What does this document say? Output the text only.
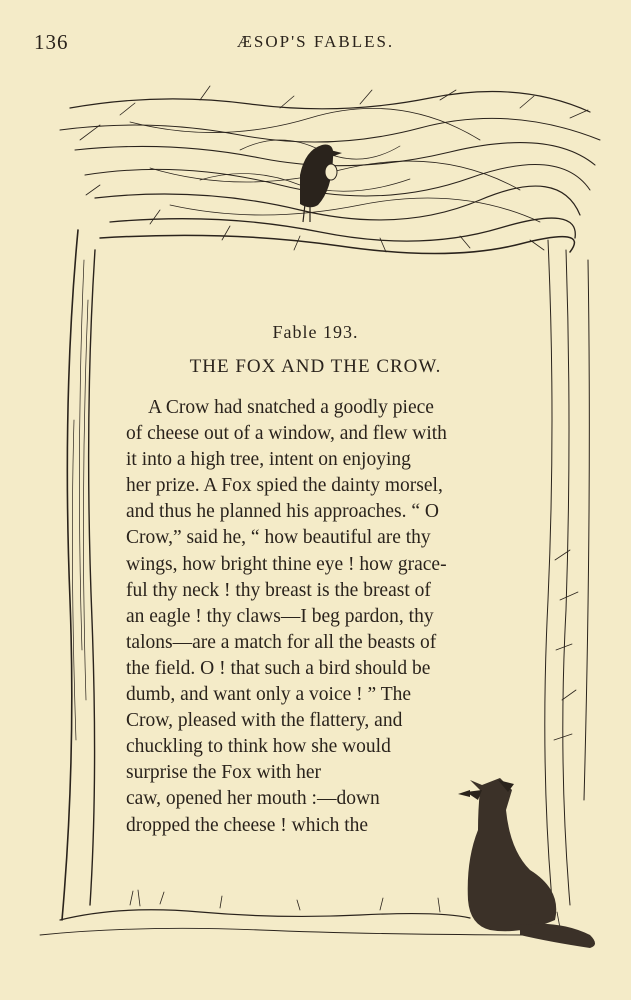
136	ÆSOP'S FABLES.
Fable 193.
THE FOX AND THE CROW.
A Crow had snatched a goodly piece
of cheese out of a window, and flew with
it into a high tree, intent on enjoying
her prize. A Fox spied the dainty morsel,
and thus he planned his approaches. “ O
Crow,” said he, “ how beautiful are thy
wings, how bright thine eye ! how grace-
ful thy neck ! thy breast is the breast of
an eagle ! thy claws—I beg pardon, thy
talons—are a match for all the beasts of
the field. O ! that such a bird should be
dumb, and want only a voice ! ” The
Crow, pleased with the flattery, and
chuckling to think how she would
surprise the Fox with her
caw, opened her mouth :—down
dropped the cheese ! which the
